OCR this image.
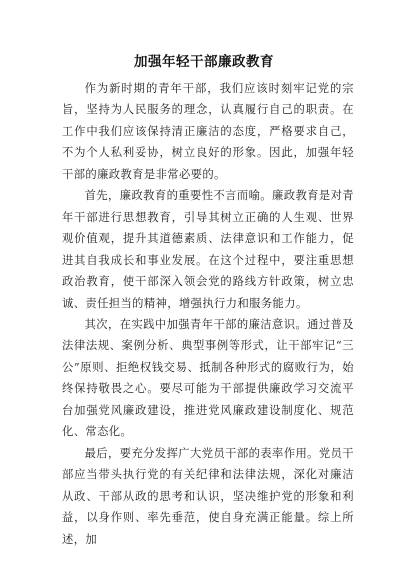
加强年轻干部廉政教育

作为新时期的青年干部，我们应该时刻牢记党的宗旨，坚持为人民服务的理念，认真履行自己的职责。在工作中我们应该保持清正廉洁的态度，严格要求自己，不为个人私利妥协，树立良好的形象。因此，加强年轻干部的廉政教育是非常必要的。

首先，廉政教育的重要性不言而喻。廉政教育是对青年干部进行思想教育，引导其树立正确的人生观、世界观价值观，提升其道德素质、法律意识和工作能力，促进其自我成长和事业发展。在这个过程中，要注重思想政治教育，使干部深入领会党的路线方针政策，树立忠诚、责任担当的精神，增强执行力和服务能力。

其次，在实践中加强青年干部的廉洁意识。通过普及法律法规、案例分析、典型事例等形式，让干部牢记“三公”原则、拒绝权钱交易、抵制各种形式的腐败行为，始终保持敬畏之心。要尽可能为干部提供廉政学习交流平台加强党风廉政建设，推进党风廉政建设制度化、规范化、常态化。

最后，要充分发挥广大党员干部的表率作用。党员干部应当带头执行党的有关纪律和法律法规，深化对廉洁从政、干部从政的思考和认识，坚决维护党的形象和利益，以身作则、率先垂范，使自身充满正能量。综上所述，加
